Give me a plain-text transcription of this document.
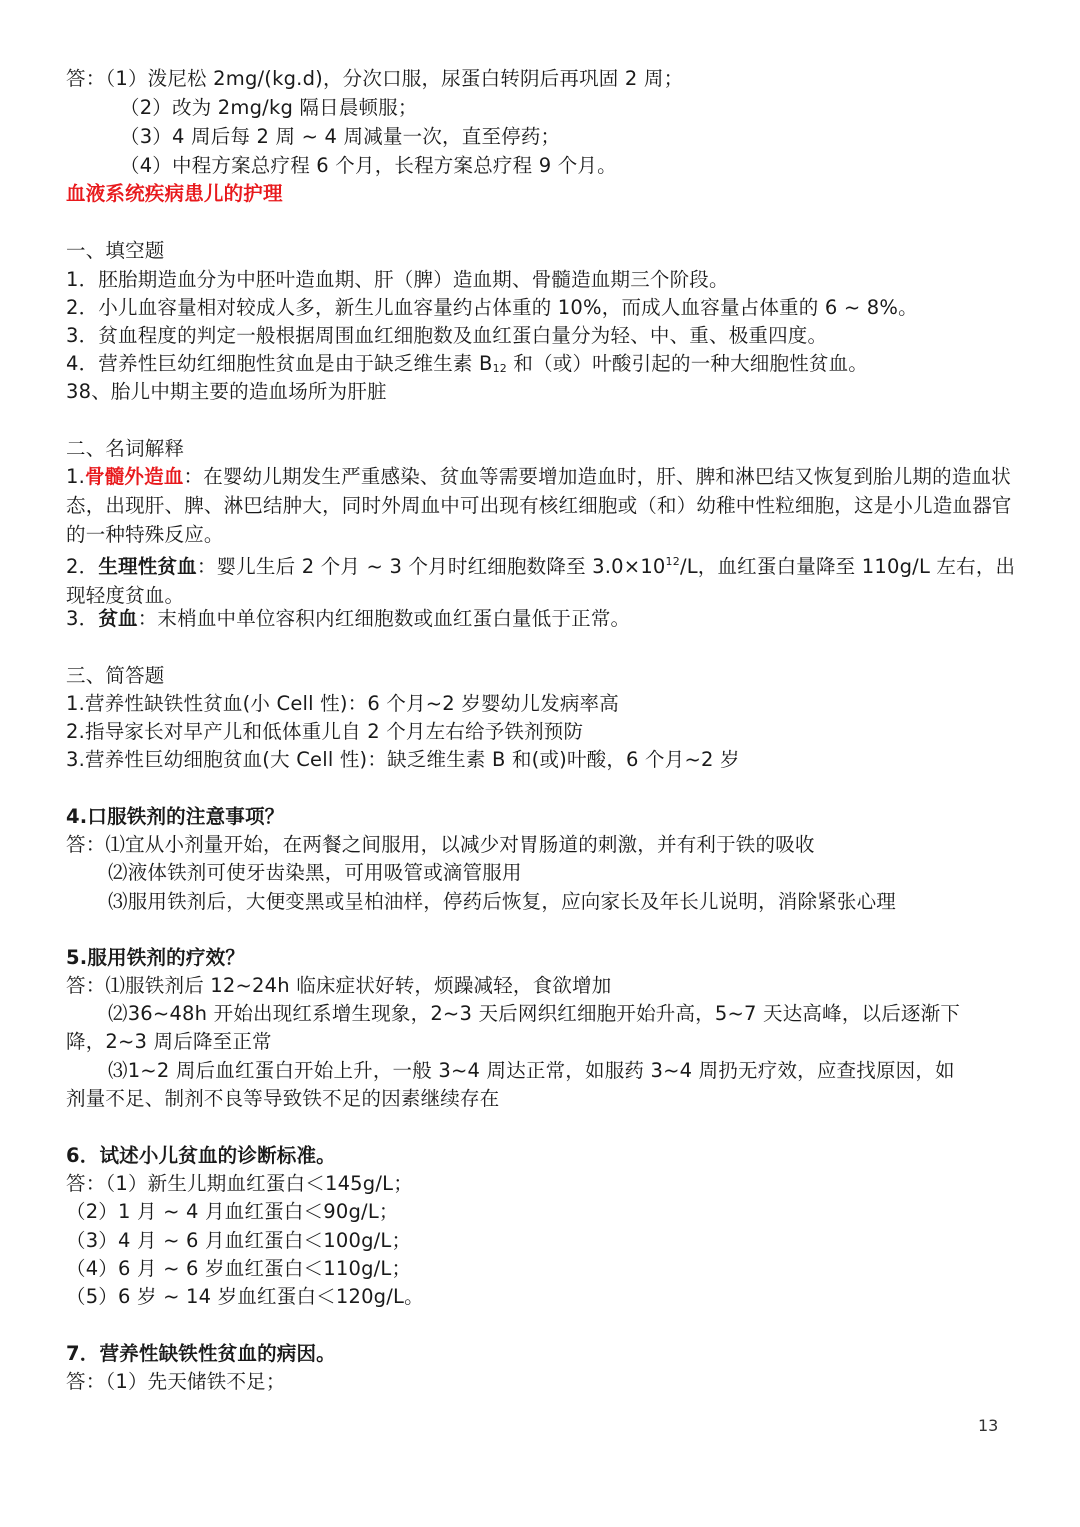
答：（1）泼尼松 2mg/(kg.d)，分次口服，尿蛋白转阴后再巩固 2 周；
（2）改为 2mg/kg 隔日晨顿服；
（3）4 周后每 2 周 ~ 4 周减量一次，直至停药；
（4）中程方案总疗程 6 个月，长程方案总疗程 9 个月。
血液系统疾病患儿的护理
一、填空题
1．胚胎期造血分为中胚叶造血期、肝（脾）造血期、骨髓造血期三个阶段。
2．小儿血容量相对较成人多，新生儿血容量约占体重的 10%，而成人血容量占体重的 6 ~ 8%。
3．贫血程度的判定一般根据周围血红细胞数及血红蛋白量分为轻、中、重、极重四度。
4．营养性巨幼红细胞性贫血是由于缺乏维生素 B12 和（或）叶酸引起的一种大细胞性贫血。
38、胎儿中期主要的造血场所为肝脏
二、名词解释
1.骨髓外造血：在婴幼儿期发生严重感染、贫血等需要增加造血时，肝、脾和淋巴结又恢复到胎儿期的造血状态，出现肝、脾、淋巴结肿大，同时外周血中可出现有核红细胞或（和）幼稚中性粒细胞，这是小儿造血器官的一种特殊反应。
2．生理性贫血：婴儿生后 2 个月 ~ 3 个月时红细胞数降至 $3.0\times 10^{12}/L$，血红蛋白量降至 110g/L 左右，出现轻度贫血。
3．贫血：末梢血中单位容积内红细胞数或血红蛋白量低于正常。
三、简答题
1.营养性缺铁性贫血(小 Cell 性)：6 个月~2 岁婴幼儿发病率高
2.指导家长对早产儿和低体重儿自 2 个月左右给予铁剂预防
3.营养性巨幼细胞贫血(大 Cell 性)：缺乏维生素 B 和(或)叶酸，6 个月~2 岁
4.口服铁剂的注意事项？
答：⑴宜从小剂量开始，在两餐之间服用，以减少对胃肠道的刺激，并有利于铁的吸收
⑵液体铁剂可使牙齿染黑，可用吸管或滴管服用
⑶服用铁剂后，大便变黑或呈柏油样，停药后恢复，应向家长及年长儿说明，消除紧张心理
5.服用铁剂的疗效？
答：⑴服铁剂后 12~24h 临床症状好转，烦躁减轻，食欲增加
⑵36~48h 开始出现红系增生现象，2~3 天后网织红细胞开始升高，5~7 天达高峰，以后逐渐下
降，2~3 周后降至正常
⑶1~2 周后血红蛋白开始上升，一般 3~4 周达正常，如服药 3~4 周扔无疗效，应查找原因，如
剂量不足、制剂不良等导致铁不足的因素继续存在
6．试述小儿贫血的诊断标准。
答：（1）新生儿期血红蛋白＜145g/L；
（2）1 月 ~ 4 月血红蛋白＜90g/L；
（3）4 月 ~ 6 月血红蛋白＜100g/L；
（4）6 月 ~ 6 岁血红蛋白＜110g/L；
（5）6 岁 ~ 14 岁血红蛋白＜120g/L。
7．营养性缺铁性贫血的病因。
答：（1）先天储铁不足；
13
